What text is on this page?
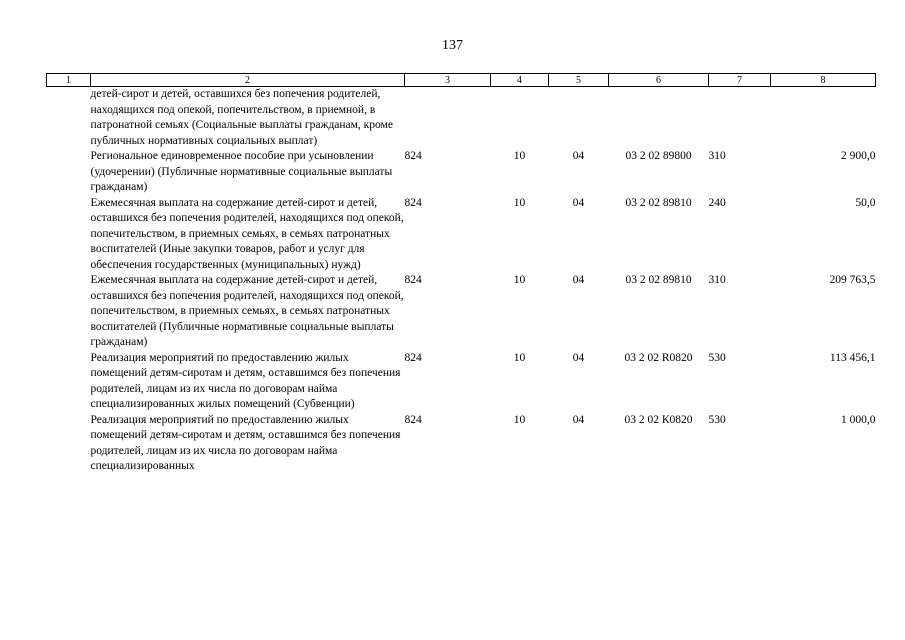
137
1	2	3	4	5	6	7	8
	детей-сирот и детей, оставшихся без попечения родителей, находящихся под опекой, попечительством, в приемной, в патронатной семьях (Социальные выплаты гражданам, кроме публичных нормативных социальных выплат)						
	Региональное единовременное пособие при усыновлении (удочерении) (Публичные нормативные социальные выплаты гражданам)	824	10	04	03 2 02 89800	310	2 900,0
	Ежемесячная выплата на содержание детей-сирот и детей, оставшихся без попечения родителей, находящихся под опекой, попечительством, в приемных семьях, в семьях патронатных воспитателей (Иные закупки товаров, работ и услуг для обеспечения государственных (муниципальных) нужд)	824	10	04	03 2 02 89810	240	50,0
	Ежемесячная выплата на содержание детей-сирот и детей, оставшихся без попечения родителей, находящихся под опекой, попечительством, в приемных семьях, в семьях патронатных воспитателей (Публичные нормативные социальные выплаты гражданам)	824	10	04	03 2 02 89810	310	209 763,5
	Реализация мероприятий по предоставлению жилых помещений детям-сиротам и детям, оставшимся без попечения родителей, лицам из их числа по договорам найма специализированных жилых помещений (Субвенции)	824	10	04	03 2 02 R0820	530	113 456,1
	Реализация мероприятий по предоставлению жилых помещений детям-сиротам и детям, оставшимся без попечения родителей, лицам из их числа по договорам найма специализированных	824	10	04	03 2 02 К0820	530	1 000,0
